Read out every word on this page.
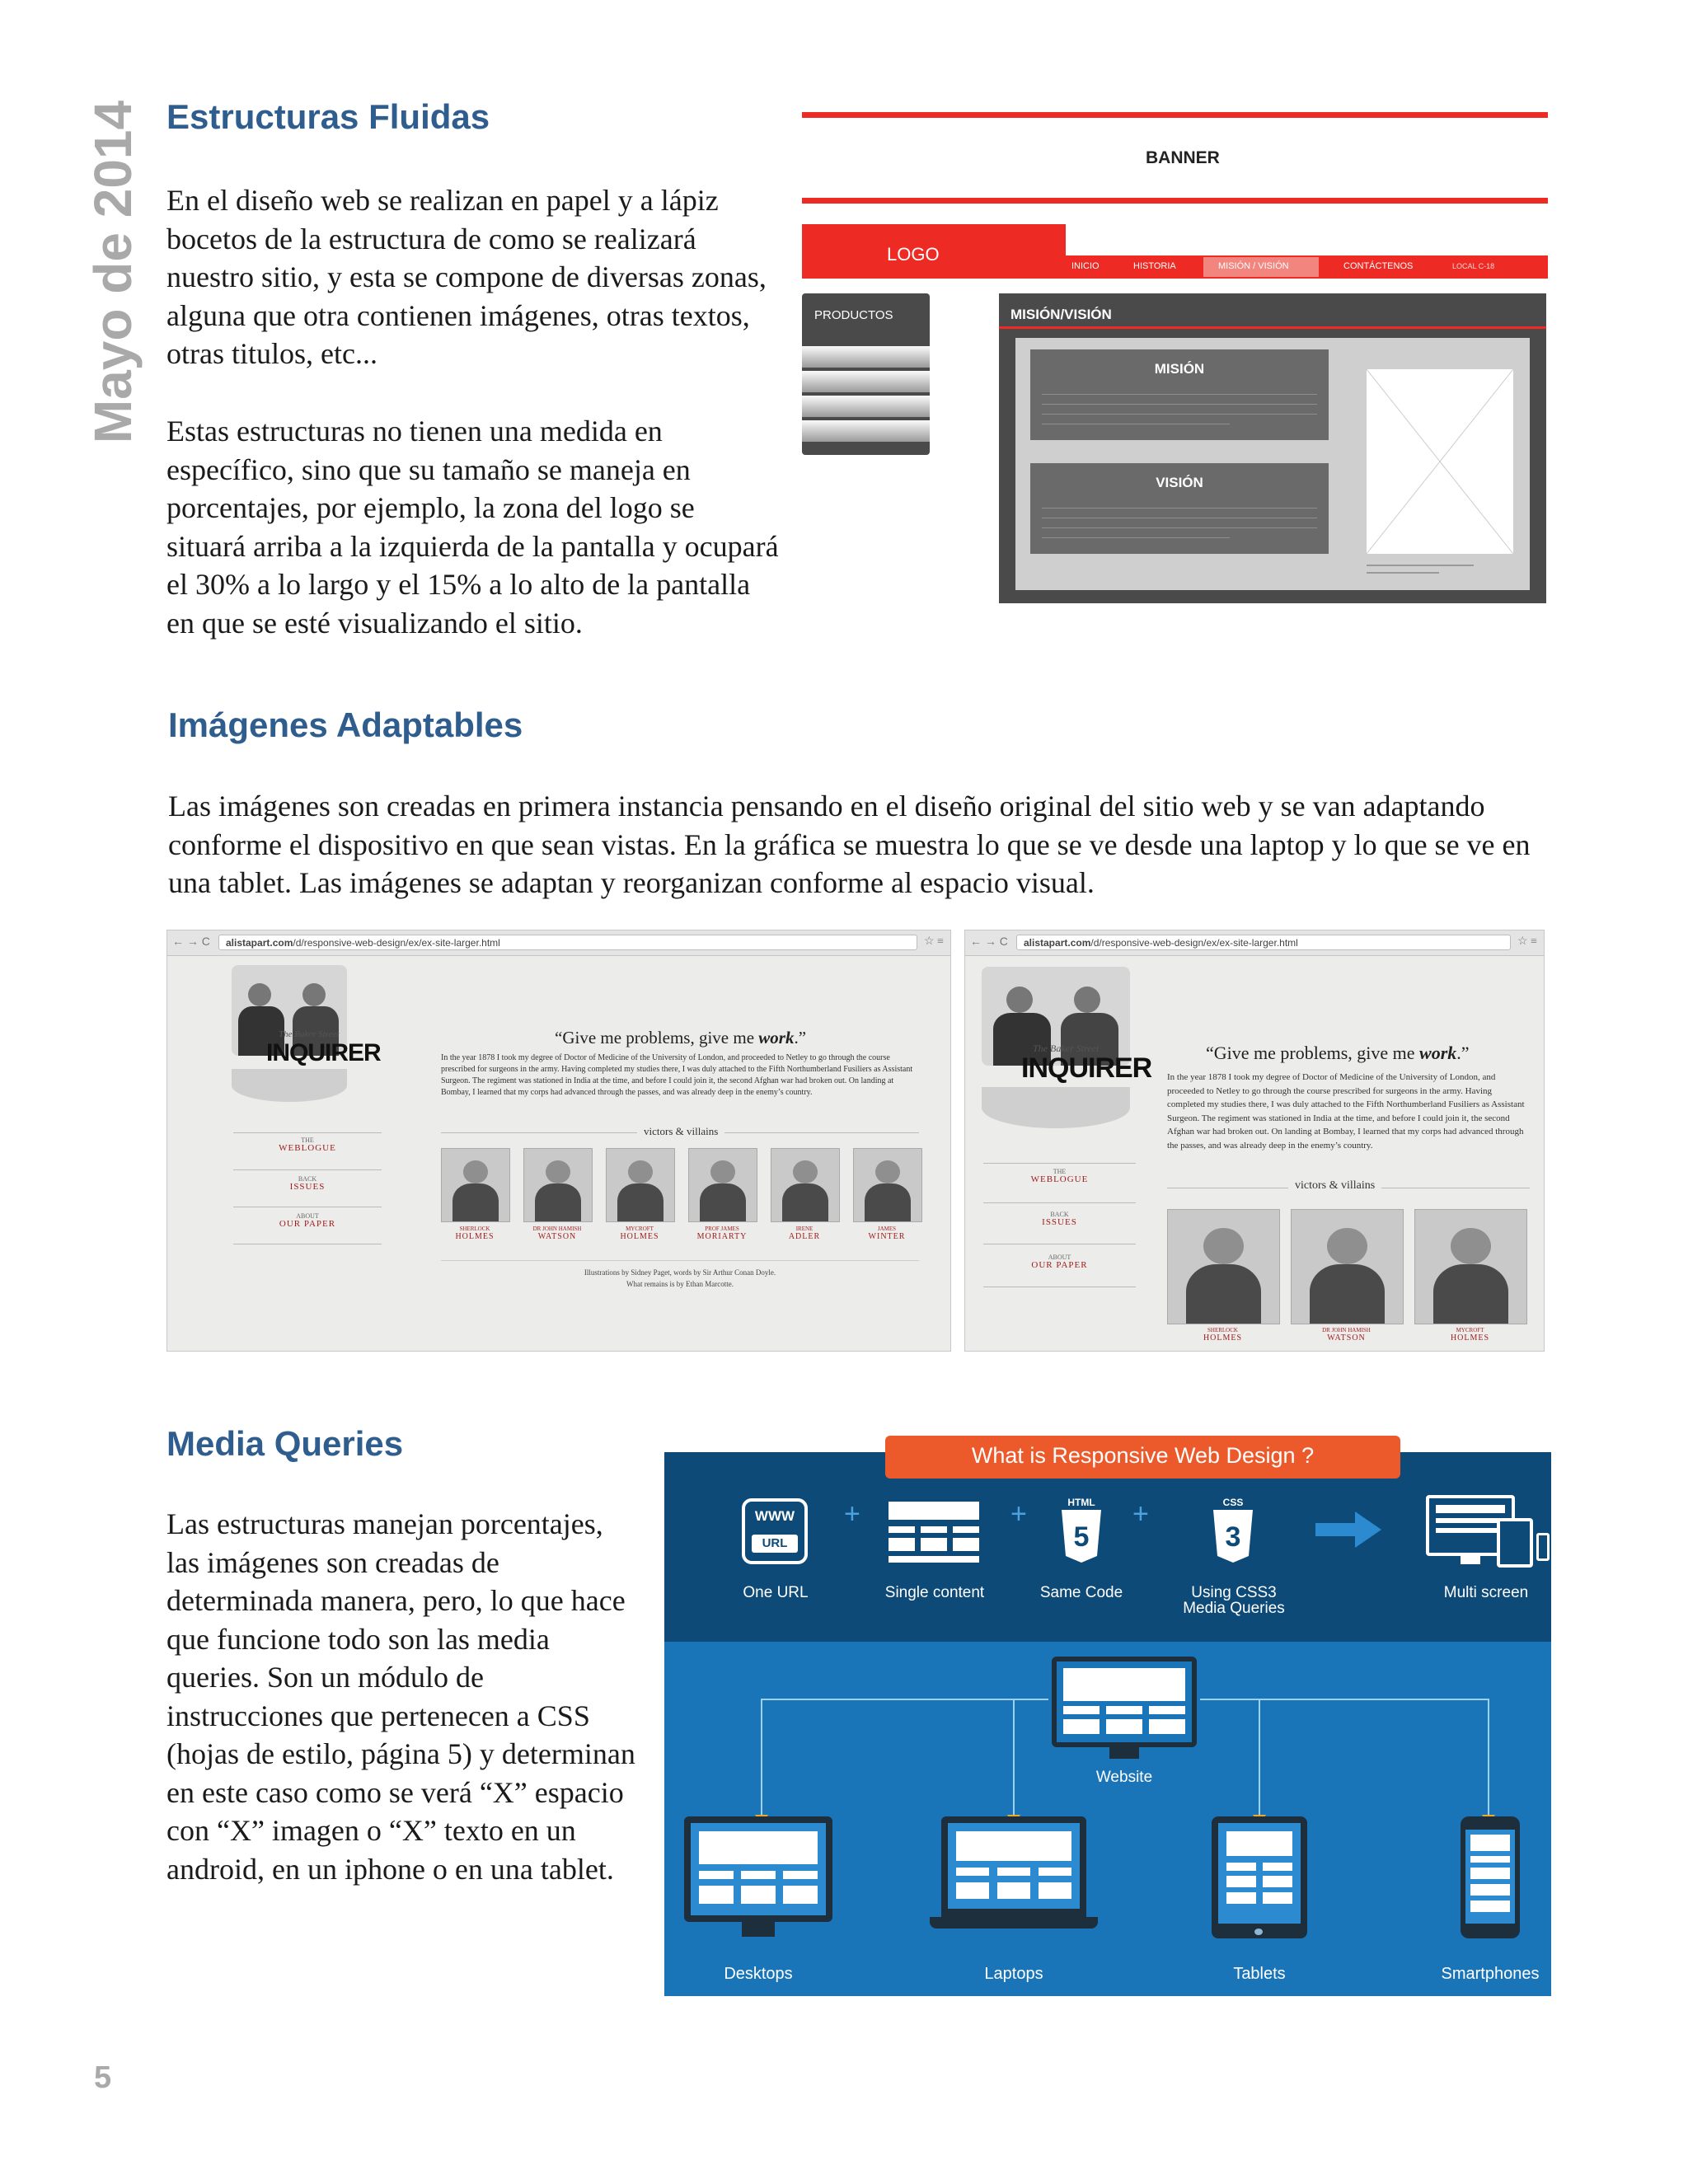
Mayo de 2014 Estructuras Fluidas

En el diseño web se realizan en papel y a lápiz bocetos de la estructura de como se realizará nuestro sitio, y esta se compone de diversas zonas, alguna que otra contienen imágenes, otras textos, otras titulos, etc...

Estas estructuras no tienen una medida en específico, sino que su tamaño se maneja en porcentajes, por ejemplo, la zona del logo se situará arriba a la izquierda de la pantalla y ocupará el 30% a lo largo y el 15% a lo alto de la pantalla en que se esté visualizando el sitio.

BANNER
LOGO
INICIO	HISTORIA	MISIÓN / VISIÓN	CONTÁCTENOS	LOCAL C-18
PRODUCTOS	MISIÓN/VISIÓN
MISIÓN
VISIÓN
Imágenes Adaptables

Las imágenes son creadas en primera instancia pensando en el diseño original del sitio web y se van adaptando conforme el dispositivo en que sean vistas. En la gráfica se muestra lo que se ve desde una laptop y lo que se ve en una tablet. Las imágenes se adaptan y reorganizan conforme al espacio visual.

← → C	alistapart.com/d/responsive-web-design/ex/ex-site-larger.html	☆ ≡
The Baker Street
INQUIRER
THE
WEBLOGUE
BACK
ISSUES
ABOUT
OUR PAPER
“Give me problems, give me work.”
In the year 1878 I took my degree of Doctor of Medicine of the University of London, and proceeded to Netley to go through the course prescribed for surgeons in the army. Having completed my studies there, I was duly attached to the Fifth Northumberland Fusiliers as Assistant Surgeon. The regiment was stationed in India at the time, and before I could join it, the second Afghan war had broken out. On landing at Bombay, I learned that my corps had advanced through the passes, and was already deep in the enemy’s country.
victors & villains
SHERLOCK
HOLMES
DR JOHN HAMISH
WATSON
MYCROFT
HOLMES
PROF JAMES
MORIARTY
IRENE
ADLER
JAMES
WINTER
Illustrations by Sidney Paget, words by Sir Arthur Conan Doyle.
What remains is by Ethan Marcotte.
← → C	alistapart.com/d/responsive-web-design/ex/ex-site-larger.html	☆ ≡
The Baker Street
INQUIRER
THE
WEBLOGUE
BACK
ISSUES
ABOUT
OUR PAPER
“Give me problems, give me work.”
In the year 1878 I took my degree of Doctor of Medicine of the University of London, and proceeded to Netley to go through the course prescribed for surgeons in the army. Having completed my studies there, I was duly attached to the Fifth Northumberland Fusiliers as Assistant Surgeon. The regiment was stationed in India at the time, and before I could join it, the second Afghan war had broken out. On landing at Bombay, I learned that my corps had advanced through the passes, and was already deep in the enemy’s country.
victors & villains
SHERLOCK
HOLMES
DR JOHN HAMISH
WATSON
MYCROFT
HOLMES
Media Queries

Las estructuras manejan porcentajes, las imágenes son creadas de determinada manera, pero, lo que hace que funcione todo son las media queries. Son un módulo de instrucciones que pertenecen a CSS (hojas de estilo, página 5) y determinan en este caso como se verá “X” espacio con “X” imagen o “X” texto en un android, en un iphone o en una tablet.

What is Responsive Web Design ?
WWW
URL
+	+	HTML
5
+	CSS
3
One URL	Single content	Same Code	Using CSS3
Media Queries
Multi screen
Website
Desktops	Laptops	Tablets	Smartphones
5
